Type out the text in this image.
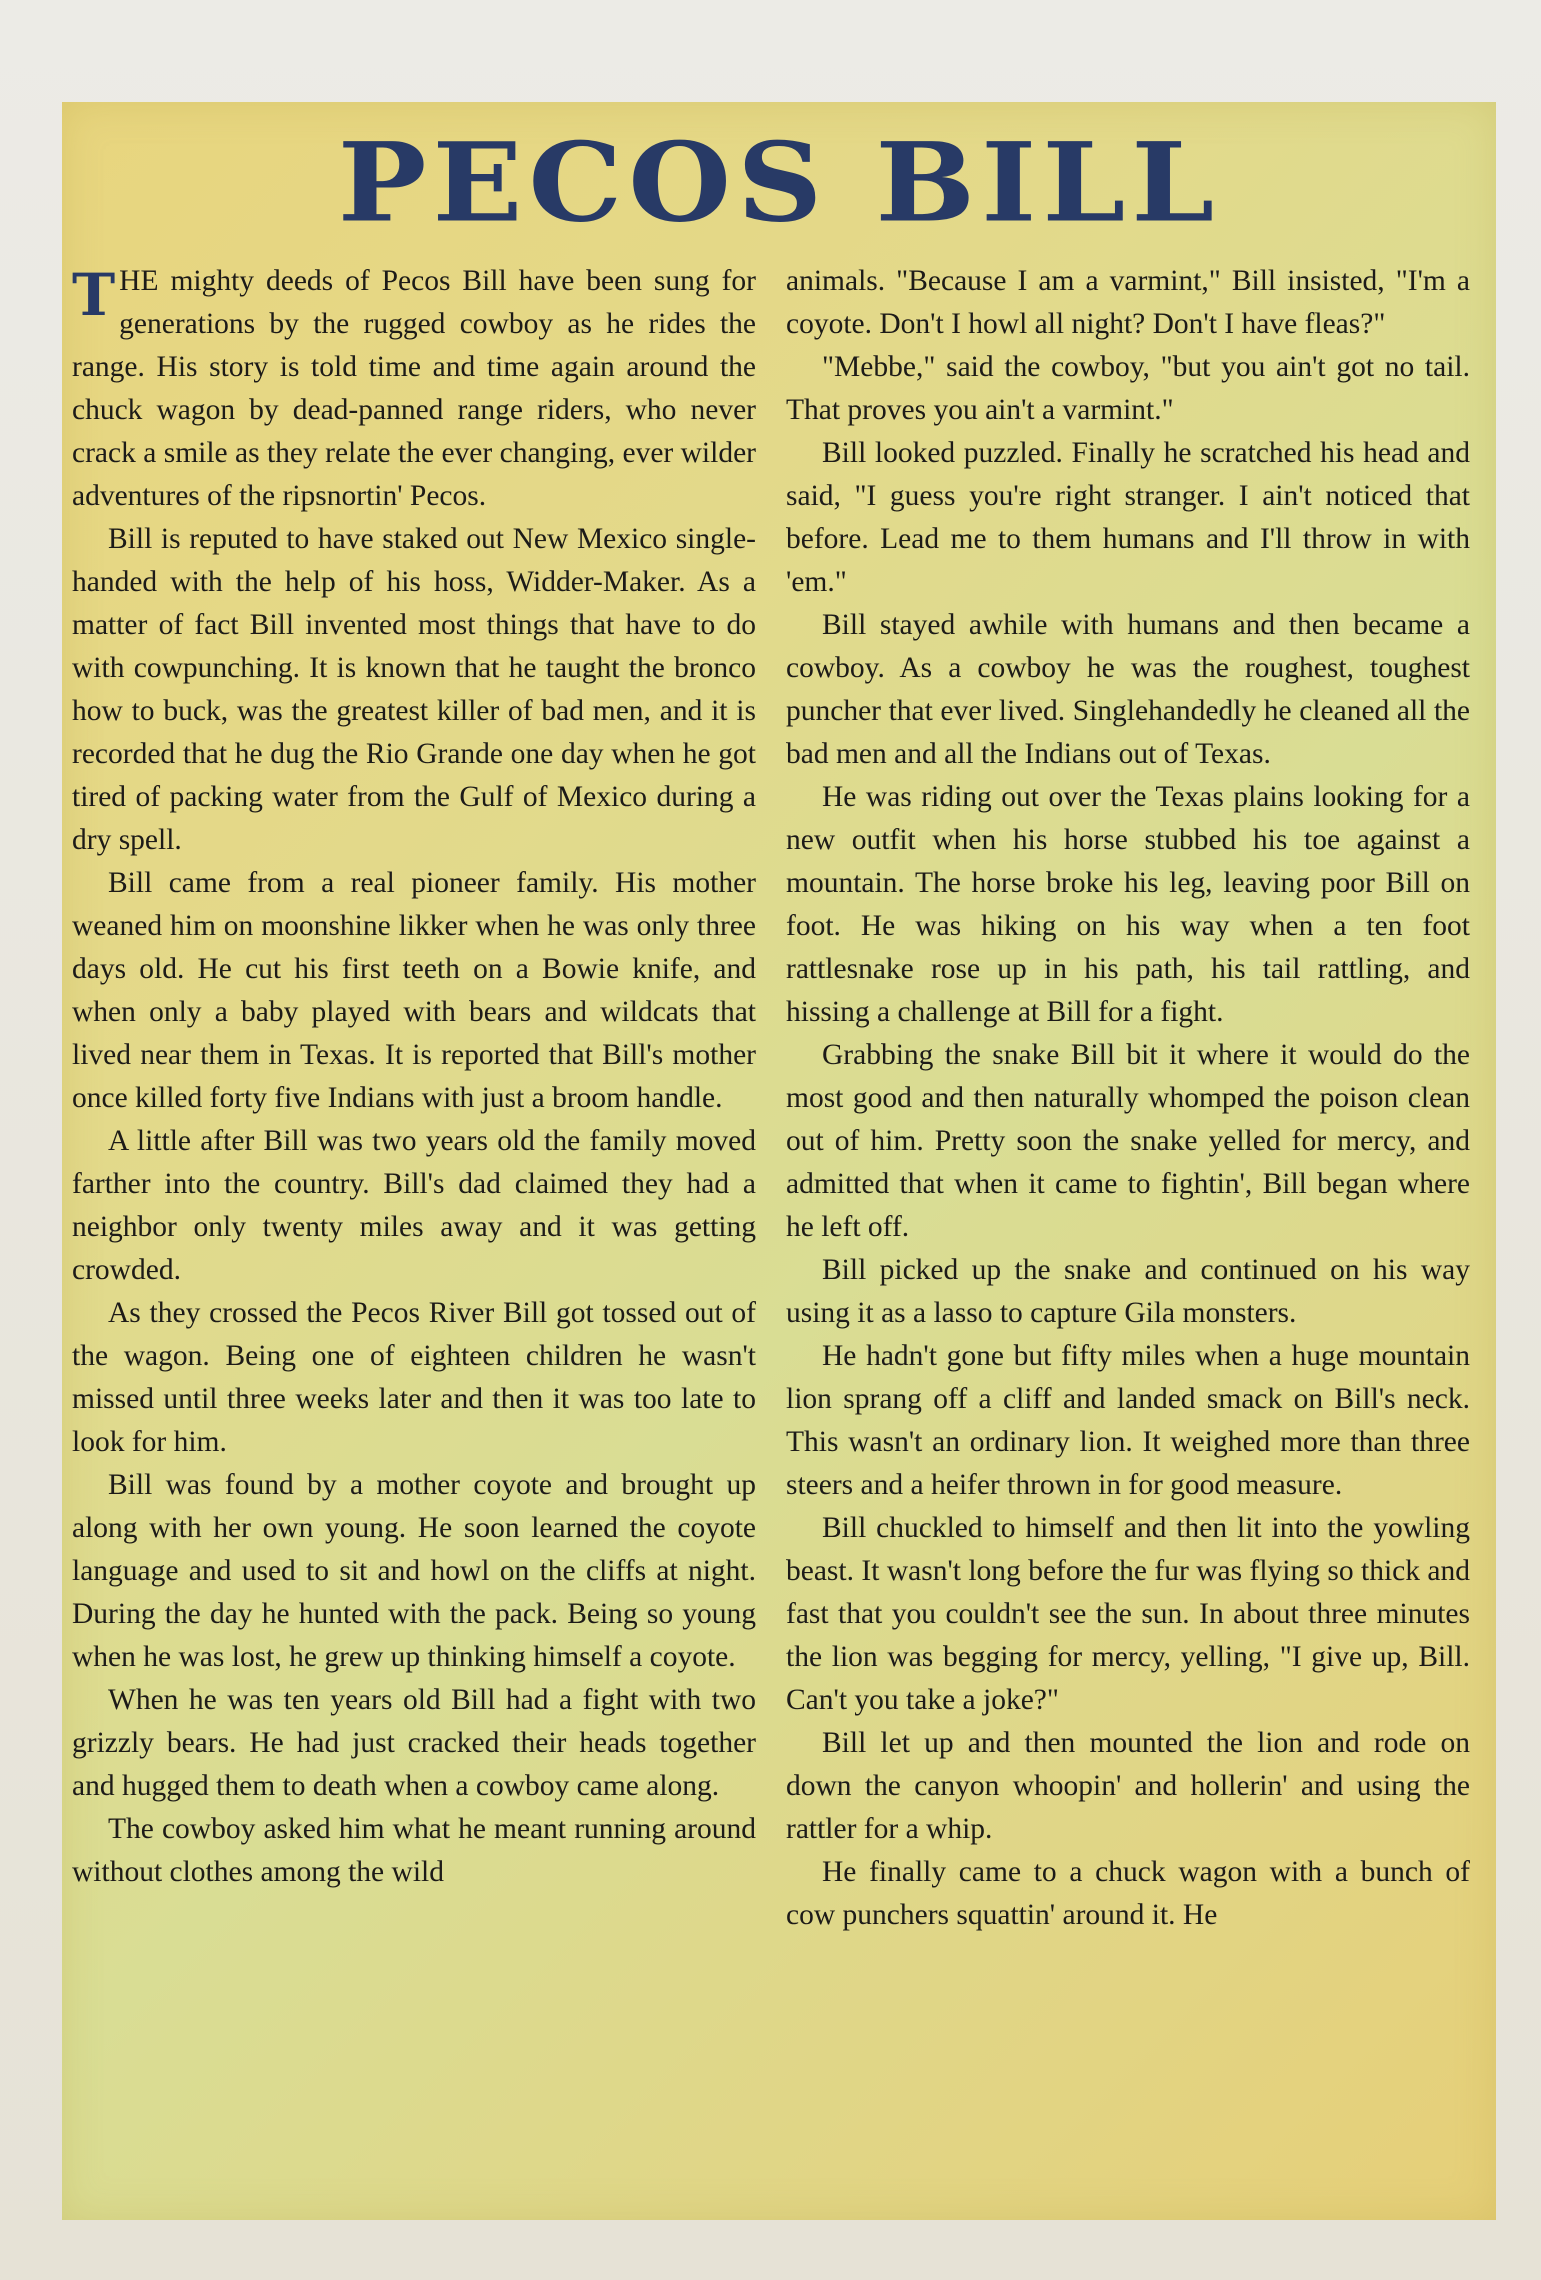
PECOS BILL

THE mighty deeds of Pecos Bill have been sung for generations by the rugged cowboy as he rides the range. His story is told time and time again around the chuck wagon by dead-panned range riders, who never crack a smile as they relate the ever changing, ever wilder adventures of the ripsnortin' Pecos.

Bill is reputed to have staked out New Mexico single-handed with the help of his hoss, Widder-Maker. As a matter of fact Bill invented most things that have to do with cowpunching. It is known that he taught the bronco how to buck, was the greatest killer of bad men, and it is recorded that he dug the Rio Grande one day when he got tired of packing water from the Gulf of Mexico during a dry spell.

Bill came from a real pioneer family. His mother weaned him on moonshine likker when he was only three days old. He cut his first teeth on a Bowie knife, and when only a baby played with bears and wildcats that lived near them in Texas. It is reported that Bill's mother once killed forty five Indians with just a broom handle.

A little after Bill was two years old the family moved farther into the country. Bill's dad claimed they had a neighbor only twenty miles away and it was getting crowded.

As they crossed the Pecos River Bill got tossed out of the wagon. Being one of eighteen children he wasn't missed until three weeks later and then it was too late to look for him.

Bill was found by a mother coyote and brought up along with her own young. He soon learned the coyote language and used to sit and howl on the cliffs at night. During the day he hunted with the pack. Being so young when he was lost, he grew up thinking himself a coyote.

When he was ten years old Bill had a fight with two grizzly bears. He had just cracked their heads together and hugged them to death when a cowboy came along.

The cowboy asked him what he meant running around without clothes among the wild

animals. "Because I am a varmint," Bill insisted, "I'm a coyote. Don't I howl all night? Don't I have fleas?"

"Mebbe," said the cowboy, "but you ain't got no tail. That proves you ain't a varmint."

Bill looked puzzled. Finally he scratched his head and said, "I guess you're right stranger. I ain't noticed that before. Lead me to them humans and I'll throw in with 'em."

Bill stayed awhile with humans and then became a cowboy. As a cowboy he was the roughest, toughest puncher that ever lived. Singlehandedly he cleaned all the bad men and all the Indians out of Texas.

He was riding out over the Texas plains looking for a new outfit when his horse stubbed his toe against a mountain. The horse broke his leg, leaving poor Bill on foot. He was hiking on his way when a ten foot rattlesnake rose up in his path, his tail rattling, and hissing a challenge at Bill for a fight.

Grabbing the snake Bill bit it where it would do the most good and then naturally whomped the poison clean out of him. Pretty soon the snake yelled for mercy, and admitted that when it came to fightin', Bill began where he left off.

Bill picked up the snake and continued on his way using it as a lasso to capture Gila monsters.

He hadn't gone but fifty miles when a huge mountain lion sprang off a cliff and landed smack on Bill's neck. This wasn't an ordinary lion. It weighed more than three steers and a heifer thrown in for good measure.

Bill chuckled to himself and then lit into the yowling beast. It wasn't long before the fur was flying so thick and fast that you couldn't see the sun. In about three minutes the lion was begging for mercy, yelling, "I give up, Bill. Can't you take a joke?"

Bill let up and then mounted the lion and rode on down the canyon whoopin' and hollerin' and using the rattler for a whip.

He finally came to a chuck wagon with a bunch of cow punchers squattin' around it. He
